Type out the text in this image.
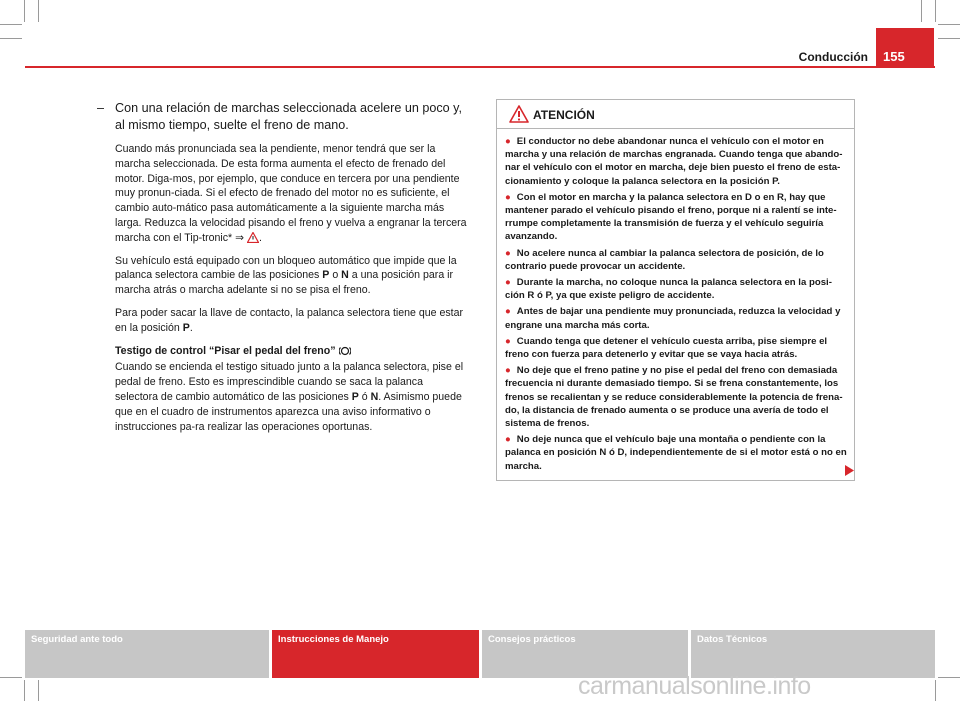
Conducción 155
– Con una relación de marchas seleccionada acelere un poco y, al mismo tiempo, suelte el freno de mano.

Cuando más pronunciada sea la pendiente, menor tendrá que ser la marcha seleccionada. De esta forma aumenta el efecto de frenado del motor. Diga-mos, por ejemplo, que conduce en tercera por una pendiente muy pronun-ciada. Si el efecto de frenado del motor no es suficiente, el cambio auto-mático pasa automáticamente a la siguiente marcha más larga. Reduzca la velocidad pisando el freno y vuelva a engranar la tercera marcha con el Tip-tronic* ⇒ .

Su vehículo está equipado con un bloqueo automático que impide que la palanca selectora cambie de las posiciones P o N a una posición para ir marcha atrás o marcha adelante si no se pisa el freno.

Para poder sacar la llave de contacto, la palanca selectora tiene que estar en la posición P.

Testigo de control “Pisar el pedal del freno”

Cuando se encienda el testigo situado junto a la palanca selectora, pise el pedal de freno. Esto es imprescindible cuando se saca la palanca selectora de cambio automático de las posiciones P ó N. Asimismo puede que en el cuadro de instrumentos aparezca una aviso informativo o instrucciones pa-ra realizar las operaciones oportunas.

ATENCIÓN
● El conductor no debe abandonar nunca el vehículo con el motor en marcha y una relación de marchas engranada. Cuando tenga que abando-nar el vehículo con el motor en marcha, deje bien puesto el freno de esta-cionamiento y coloque la palanca selectora en la posición P.
● Con el motor en marcha y la palanca selectora en D o en R, hay que mantener parado el vehículo pisando el freno, porque ni a ralentí se inte-rrumpe completamente la transmisión de fuerza y el vehículo seguiría avanzando.
● No acelere nunca al cambiar la palanca selectora de posición, de lo contrario puede provocar un accidente.
● Durante la marcha, no coloque nunca la palanca selectora en la posi-ción R ó P, ya que existe peligro de accidente.
● Antes de bajar una pendiente muy pronunciada, reduzca la velocidad y engrane una marcha más corta.
● Cuando tenga que detener el vehículo cuesta arriba, pise siempre el freno con fuerza para detenerlo y evitar que se vaya hacia atrás.
● No deje que el freno patine y no pise el pedal del freno con demasiada frecuencia ni durante demasiado tiempo. Si se frena constantemente, los frenos se recalientan y se reduce considerablemente la potencia de frena-do, la distancia de frenado aumenta o se produce una avería de todo el sistema de frenos.
● No deje nunca que el vehículo baje una montaña o pendiente con la palanca en posición N ó D, independientemente de si el motor está o no en marcha.
Seguridad ante todo	Instrucciones de Manejo	Consejos prácticos	Datos Técnicos
carmanualsonline.info
